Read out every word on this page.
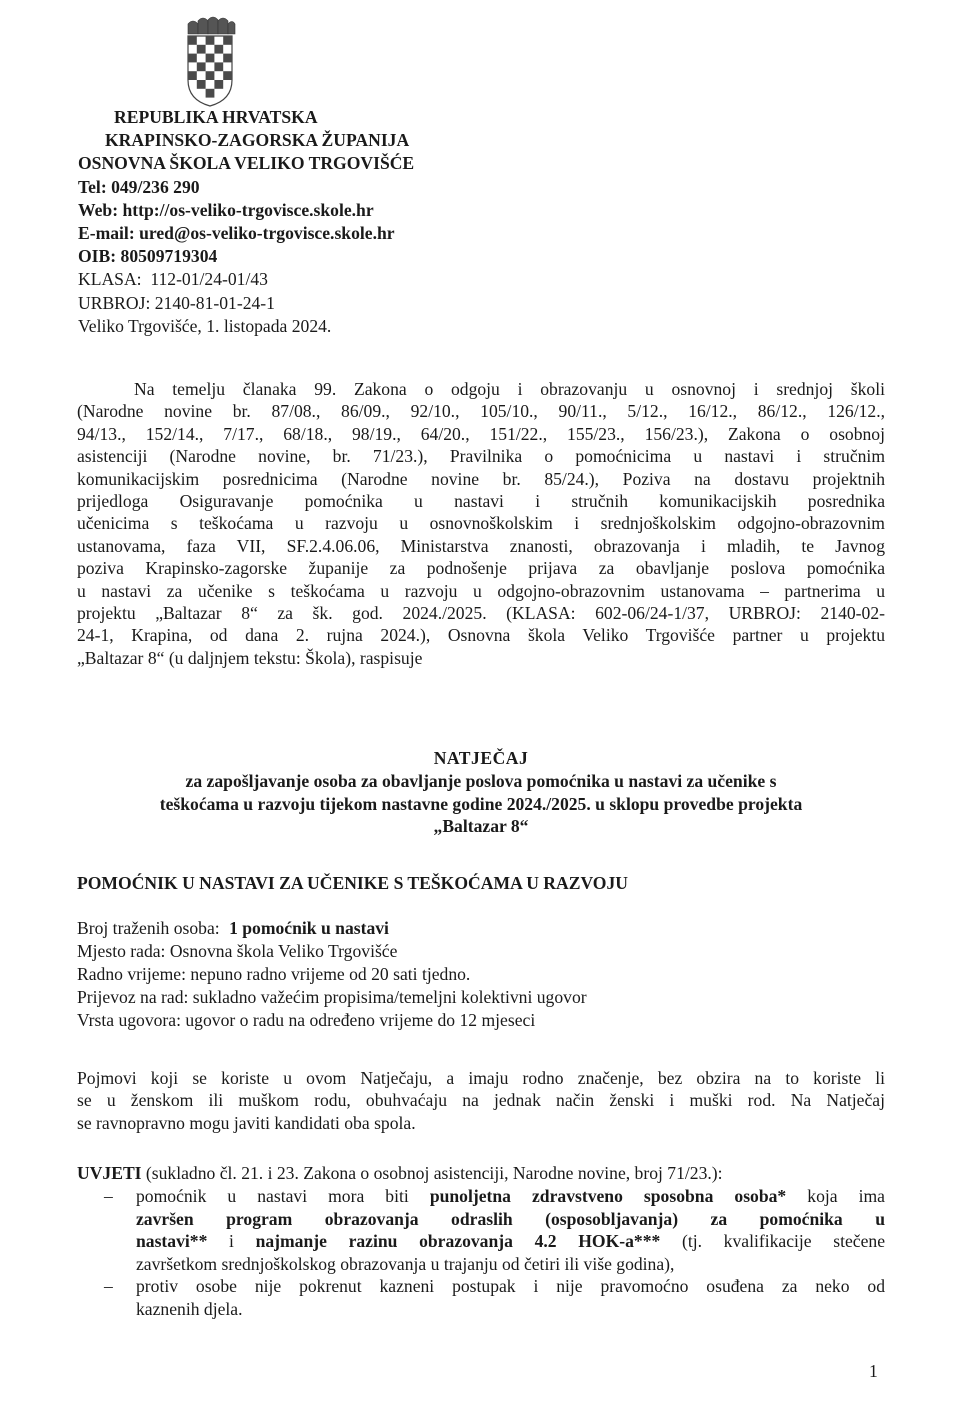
REPUBLIKA HRVATSKA
KRAPINSKO-ZAGORSKA ŽUPANIJA
OSNOVNA ŠKOLA VELIKO TRGOVIŠĆE
Tel: 049/236 290
Web: http://os-veliko-trgovisce.skole.hr
E-mail: ured@os-veliko-trgovisce.skole.hr
OIB: 80509719304
KLASA:  112-01/24-01/43
URBROJ: 2140-81-01-24-1
Veliko Trgovišće, 1. listopada 2024.
Na temelju članaka 99. Zakona o odgoju i obrazovanju u osnovnoj i srednjoj školi
(Narodne novine br. 87/08., 86/09., 92/10., 105/10., 90/11., 5/12., 16/12., 86/12., 126/12.,
94/13., 152/14., 7/17., 68/18., 98/19., 64/20., 151/22., 155/23., 156/23.), Zakona o osobnoj
asistenciji (Narodne novine, br. 71/23.), Pravilnika o pomoćnicima u nastavi i stručnim
komunikacijskim posrednicima (Narodne novine br. 85/24.), Poziva na dostavu projektnih
prijedloga Osiguravanje pomoćnika u nastavi i stručnih komunikacijskih posrednika
učenicima s teškoćama u razvoju u osnovnoškolskim i srednjoškolskim odgojno-obrazovnim
ustanovama, faza VII, SF.2.4.06.06, Ministarstva znanosti, obrazovanja i mladih, te Javnog
poziva Krapinsko-zagorske županije za podnošenje prijava za obavljanje poslova pomoćnika
u nastavi za učenike s teškoćama u razvoju u odgojno-obrazovnim ustanovama – partnerima u
projektu „Baltazar 8“ za šk. god. 2024./2025. (KLASA: 602-06/24-1/37, URBROJ: 2140-02-
24-1, Krapina, od dana 2. rujna 2024.), Osnovna škola Veliko Trgovišće partner u projektu
„Baltazar 8“ (u daljnjem tekstu: Škola), raspisuje
NATJEČAJ
za zapošljavanje osoba za obavljanje poslova pomoćnika u nastavi za učenike s
teškoćama u razvoju tijekom nastavne godine 2024./2025. u sklopu provedbe projekta
„Baltazar 8“
POMOĆNIK U NASTAVI ZA UČENIKE S TEŠKOĆAMA U RAZVOJU
Broj traženih osoba: 1 pomoćnik u nastavi
Mjesto rada: Osnovna škola Veliko Trgovišće
Radno vrijeme: nepuno radno vrijeme od 20 sati tjedno.
Prijevoz na rad: sukladno važećim propisima/temeljni kolektivni ugovor
Vrsta ugovora: ugovor o radu na određeno vrijeme do 12 mjeseci
Pojmovi koji se koriste u ovom Natječaju, a imaju rodno značenje, bez obzira na to koriste li
se u ženskom ili muškom rodu, obuhvaćaju na jednak način ženski i muški rod. Na Natječaj
se ravnopravno mogu javiti kandidati oba spola.
UVJETI (sukladno čl. 21. i 23. Zakona o osobnoj asistenciji, Narodne novine, broj 71/23.):
– pomoćnik u nastavi mora biti punoljetna zdravstveno sposobna osoba* koja ima
završen program obrazovanja odraslih (osposobljavanja) za pomoćnika u
nastavi** i najmanje razinu obrazovanja 4.2 HOK-a*** (tj. kvalifikacije stečene
završetkom srednjoškolskog obrazovanja u trajanju od četiri ili više godina),
– protiv osobe nije pokrenut kazneni postupak i nije pravomoćno osuđena za neko od
kaznenih djela.
1
